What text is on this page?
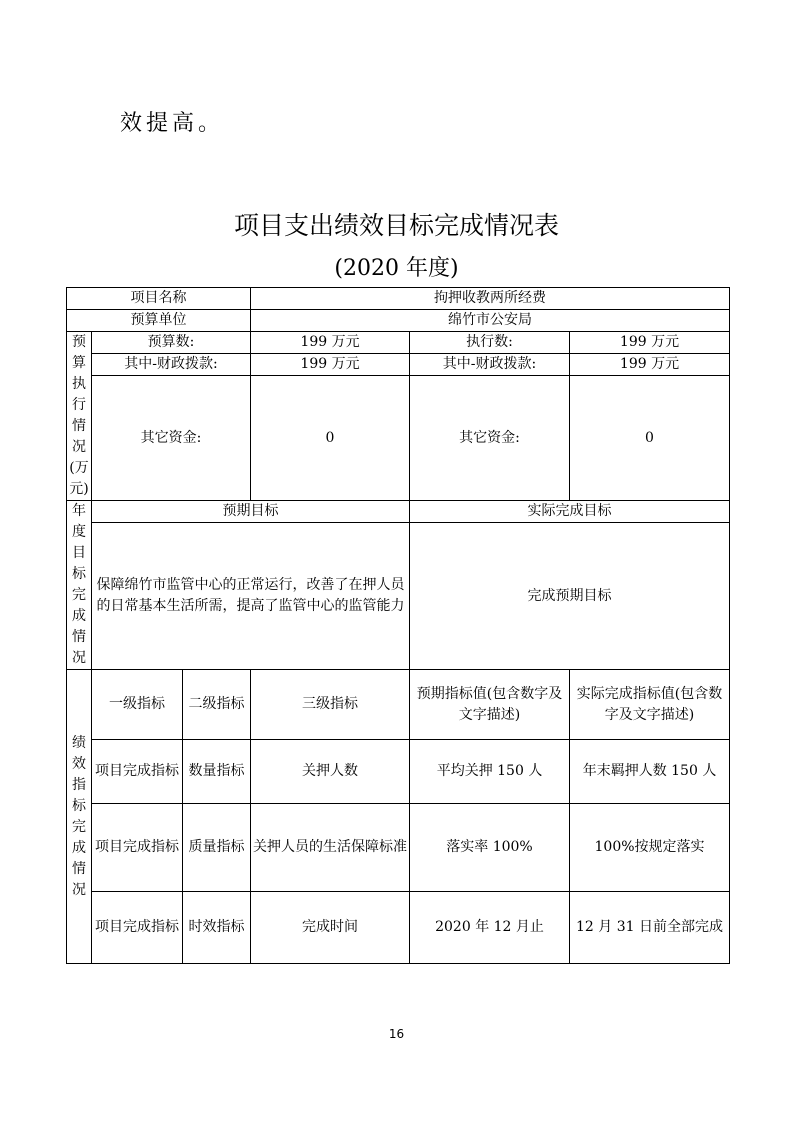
效提高。
项目支出绩效目标完成情况表
(2020 年度)
项目名称			拘押收教两所经费		
预算单位			绵竹市公安局		
预算执行情况(万元)	预算数:		199 万元	执行数:	199 万元
	其中-财政拨款:		199 万元	其中-财政拨款:	199 万元
	其它资金:		0	其它资金:	0
年度目标完成情况	预期目标			实际完成目标	
	保障绵竹市监管中心的正常运行，改善了在押人员的日常基本生活所需，提高了监管中心的监管能力			完成预期目标	
绩效指标完成情况	一级指标	二级指标	三级指标	预期指标值(包含数字及文字描述)	实际完成指标值(包含数字及文字描述)
	项目完成指标	数量指标	关押人数	平均关押 150 人	年末羁押人数 150 人
	项目完成指标	质量指标	关押人员的生活保障标准	落实率 100%	100%按规定落实
	项目完成指标	时效指标	完成时间	2020 年 12 月止	12 月 31 日前全部完成
16
